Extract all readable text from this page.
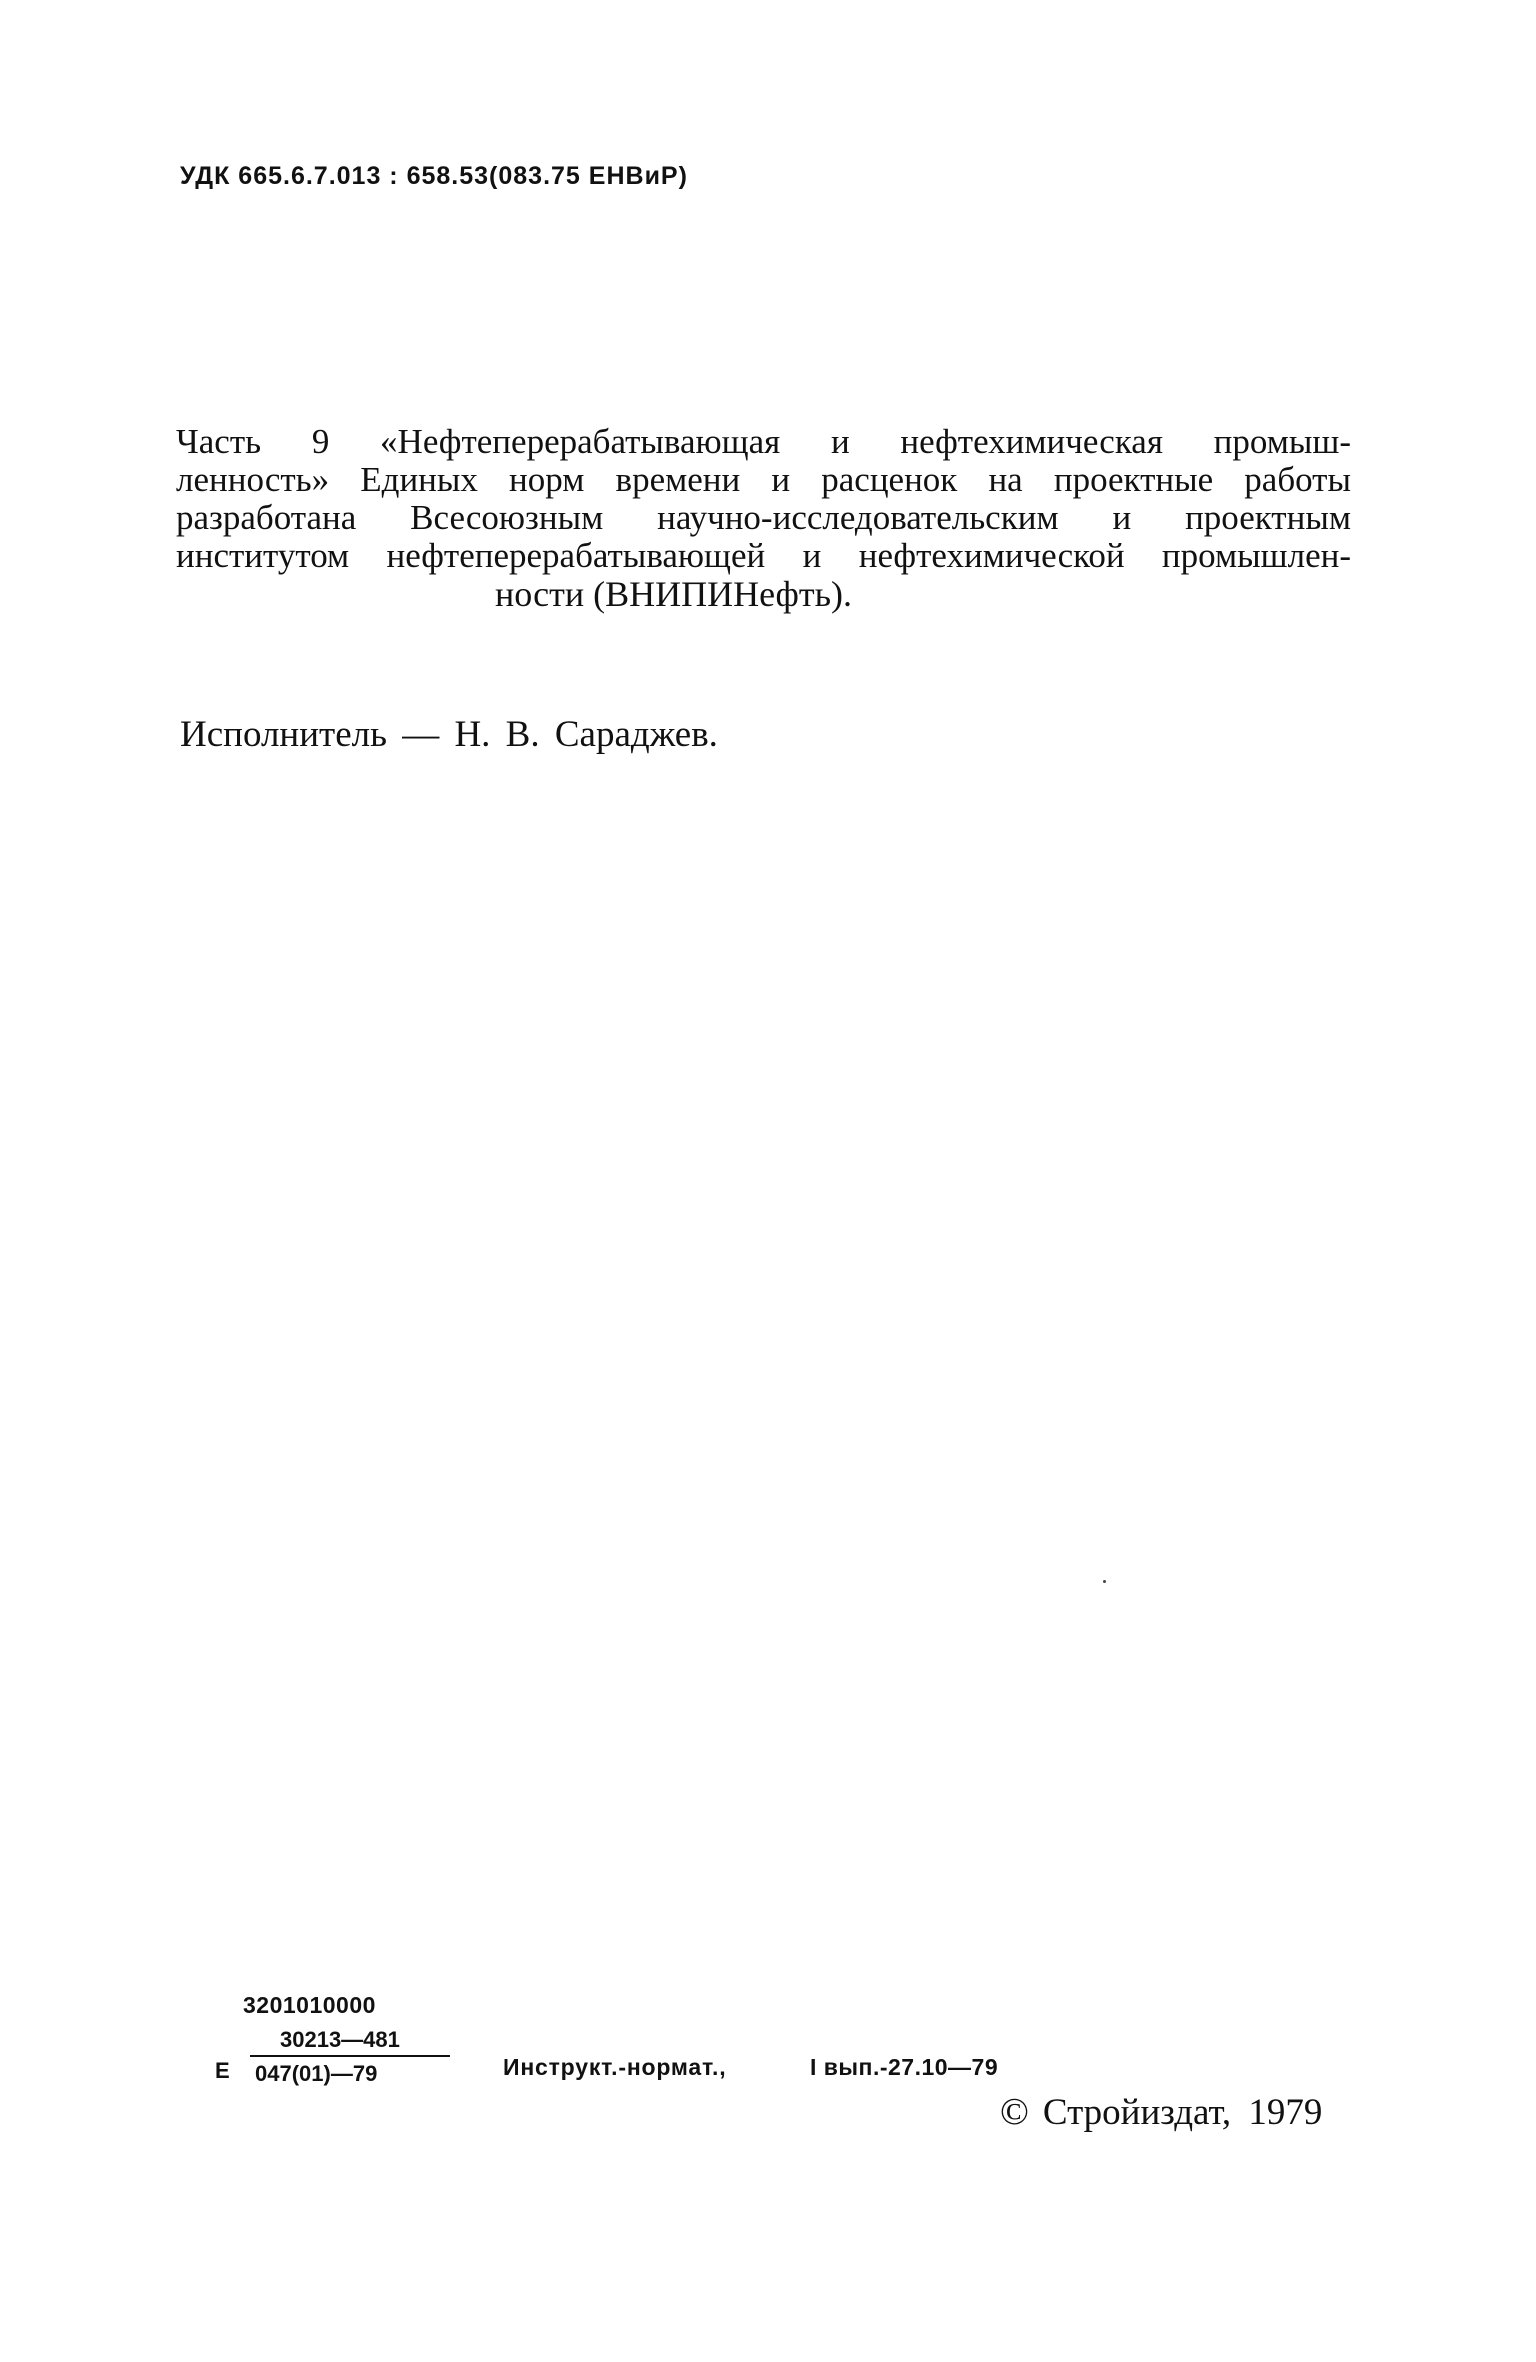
УДК 665.6.7.013 : 658.53(083.75 ЕНВиР)
Часть 9 «Нефтеперерабатывающая и нефтехимическая промыш-
ленность» Единых норм времени и расценок на проектные работы
разработана Всесоюзным научно-исследовательским и проектным
институтом нефтеперерабатывающей и нефтехимической промышлен-
ности (ВНИПИНефть).
Исполнитель — Н. В. Сараджев.
3201010000
Е
30213—481
047(01)—79	Инструкт.-нормат.,	I вып.-27.10—79
© Стройиздат, 1979
